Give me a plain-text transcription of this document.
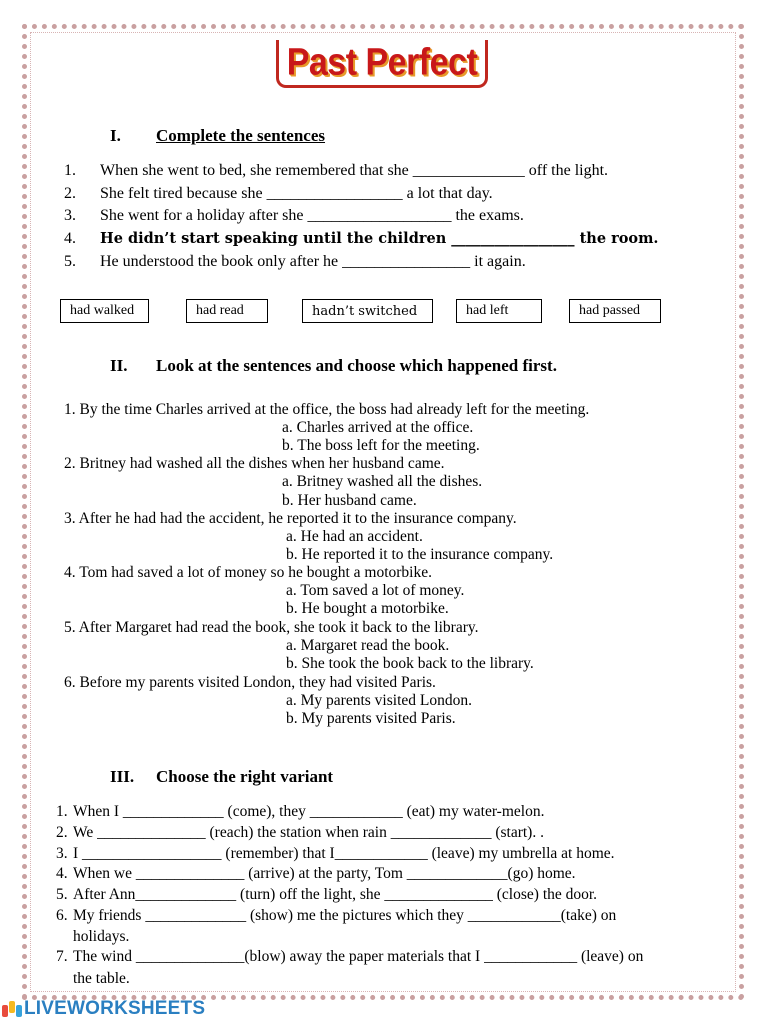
Past Perfect
I. Complete the sentences
1. When she went to bed, she remembered that she ______________ off the light.
2. She felt tired because she _________________ a lot that day.
3. She went for a holiday after she __________________ the exams.
4. He didn’t start speaking until the children _________________ the room.
5. He understood the book only after he ________________ it again.
had walked	had read	hadn’t switched	had left	had passed
II. Look at the sentences and choose which happened first.
1. By the time Charles arrived at the office, the boss had already left for the meeting.
a. Charles arrived at the office.
b. The boss left for the meeting.
2. Britney had washed all the dishes when her husband came.
a. Britney washed all the dishes.
b. Her husband came.
3. After he had had the accident, he reported it to the insurance company.
a. He had an accident.
b. He reported it to the insurance company.
4. Tom had saved a lot of money so he bought a motorbike.
a. Tom saved a lot of money.
b. He bought a motorbike.
5. After Margaret had read the book, she took it back to the library.
a. Margaret read the book.
b. She took the book back to the library.
6. Before my parents visited London, they had visited Paris.
a. My parents visited London.
b. My parents visited Paris.
III. Choose the right variant
1. When I _____________ (come), they ____________ (eat) my water-melon.
2. We ______________ (reach) the station when rain _____________ (start). .
3. I __________________ (remember) that I____________ (leave) my umbrella at home.
4. When we ______________ (arrive) at the party, Tom _____________(go) home.
5. After Ann_____________ (turn) off the light, she ______________ (close) the door.
6. My friends _____________ (show) me the pictures which they ____________(take) on
holidays.
7. The wind ______________(blow) away the paper materials that I ____________ (leave) on
the table.
LIVEWORKSHEETS
